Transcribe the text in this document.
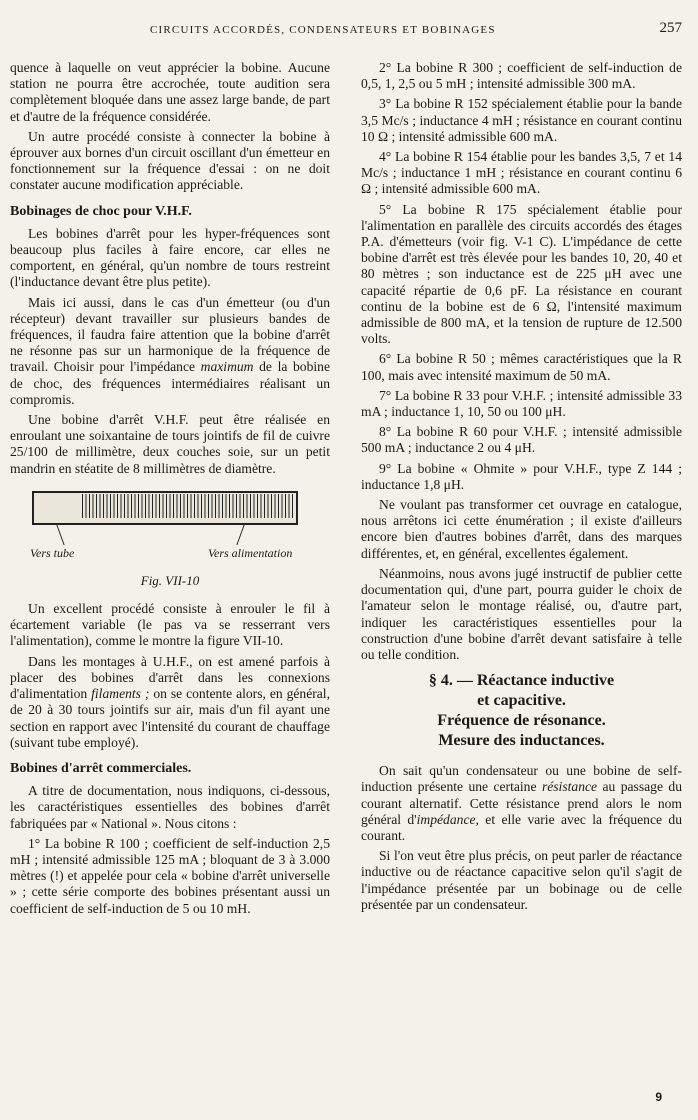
CIRCUITS ACCORDÉS, CONDENSATEURS ET BOBINAGES	257

quence à laquelle on veut apprécier la bobine. Aucune station ne pourra être accrochée, toute audition sera complètement bloquée dans une assez large bande, de part et d'autre de la fréquence considérée.

Un autre procédé consiste à connecter la bobine à éprouver aux bornes d'un circuit oscillant d'un émetteur en fonctionnement sur la fréquence d'essai : on ne doit constater aucune modification appréciable.

Bobinages de choc pour V.H.F.

Les bobines d'arrêt pour les hyper-fréquences sont beaucoup plus faciles à faire encore, car elles ne comportent, en général, qu'un nombre de tours restreint (l'inductance devant être plus petite).

Mais ici aussi, dans le cas d'un émetteur (ou d'un récepteur) devant travailler sur plusieurs bandes de fréquences, il faudra faire attention que la bobine d'arrêt ne résonne pas sur un harmonique de la fréquence de travail. Choisir pour l'impédance maximum de la bobine de choc, des fréquences intermédiaires réalisant un compromis.

Une bobine d'arrêt V.H.F. peut être réalisée en enroulant une soixantaine de tours jointifs de fil de cuivre 25/100 de millimètre, deux couches soie, sur un petit mandrin en stéatite de 8 millimètres de diamètre.

Vers tube	Vers alimentation
Fig. VII-10

Un excellent procédé consiste à enrouler le fil à écartement variable (le pas va se resserrant vers l'alimentation), comme le montre la figure VII-10.

Dans les montages à U.H.F., on est amené parfois à placer des bobines d'arrêt dans les connexions d'alimentation filaments ; on se contente alors, en général, de 20 à 30 tours jointifs sur air, mais d'un fil ayant une section en rapport avec l'intensité du courant de chauffage (suivant tube employé).

Bobines d'arrêt commerciales.

A titre de documentation, nous indiquons, ci-dessous, les caractéristiques essentielles des bobines d'arrêt fabriquées par « National ». Nous citons :

1° La bobine R 100 ; coefficient de self-induction 2,5 mH ; intensité admissible 125 mA ; bloquant de 3 à 3.000 mètres (!) et appelée pour cela « bobine d'arrêt universelle » ; cette série comporte des bobines présentant aussi un coefficient de self-induction de 5 ou 10 mH.

2° La bobine R 300 ; coefficient de self-induction de 0,5, 1, 2,5 ou 5 mH ; intensité admissible 300 mA.

3° La bobine R 152 spécialement établie pour la bande 3,5 Mc/s ; inductance 4 mH ; résistance en courant continu 10 Ω ; intensité admissible 600 mA.

4° La bobine R 154 établie pour les bandes 3,5, 7 et 14 Mc/s ; inductance 1 mH ; résistance en courant continu 6 Ω ; intensité admissible 600 mA.

5° La bobine R 175 spécialement établie pour l'alimentation en parallèle des circuits accordés des étages P.A. d'émetteurs (voir fig. V-1 C). L'impédance de cette bobine d'arrêt est très élevée pour les bandes 10, 20, 40 et 80 mètres ; son inductance est de 225 μH avec une capacité répartie de 0,6 pF. La résistance en courant continu de la bobine est de 6 Ω, l'intensité maximum admissible de 800 mA, et la tension de rupture de 12.500 volts.

6° La bobine R 50 ; mêmes caractéristiques que la R 100, mais avec intensité maximum de 50 mA.

7° La bobine R 33 pour V.H.F. ; intensité admissible 33 mA ; inductance 1, 10, 50 ou 100 μH.

8° La bobine R 60 pour V.H.F. ; intensité admissible 500 mA ; inductance 2 ou 4 μH.

9° La bobine « Ohmite » pour V.H.F., type Z 144 ; inductance 1,8 μH.

Ne voulant pas transformer cet ouvrage en catalogue, nous arrêtons ici cette énumération ; il existe d'ailleurs encore bien d'autres bobines d'arrêt, dans des marques différentes, et, en général, excellentes également.

Néanmoins, nous avons jugé instructif de publier cette documentation qui, d'une part, pourra guider le choix de l'amateur selon le montage réalisé, ou, d'autre part, indiquer les caractéristiques essentielles pour la construction d'une bobine d'arrêt devant satisfaire à telle ou telle condition.

§ 4. — Réactance inductive
et capacitive.
Fréquence de résonance.
Mesure des inductances.

On sait qu'un condensateur ou une bobine de self-induction présente une certaine résistance au passage du courant alternatif. Cette résistance prend alors le nom général d'impédance, et elle varie avec la fréquence du courant.

Si l'on veut être plus précis, on peut parler de réactance inductive ou de réactance capacitive selon qu'il s'agit de l'impédance présentée par un bobinage ou de celle présentée par un condensateur.

9
